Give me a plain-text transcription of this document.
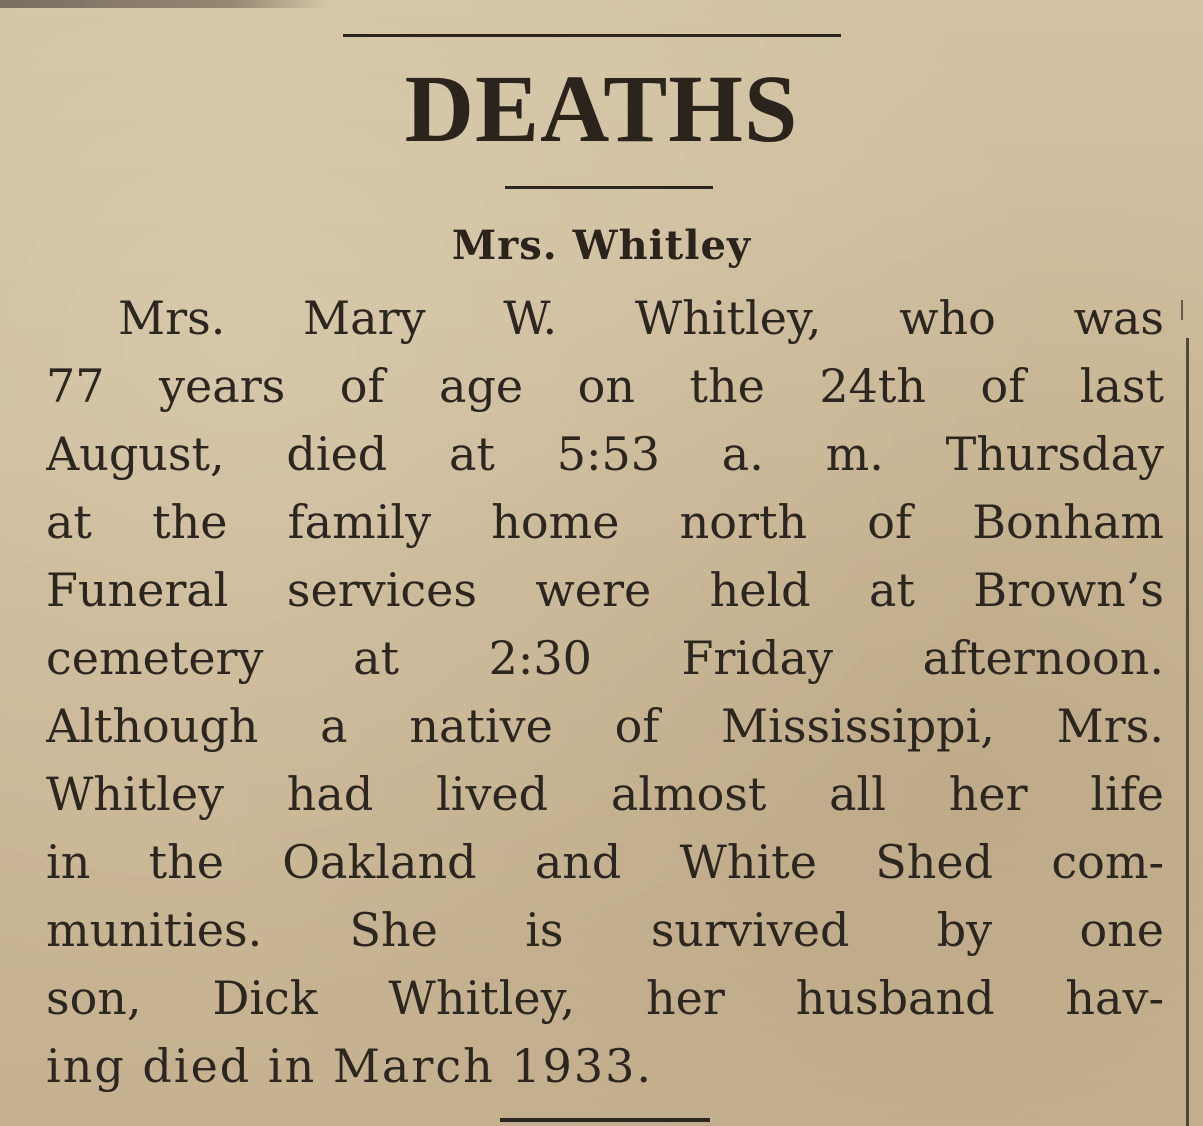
DEATHS
Mrs. Whitley
Mrs. Mary W. Whitley, who was
77 years of age on the 24th of last
August, died at 5:53 a. m. Thursday
at the family home north of Bonham
Funeral services were held at Brown’s
cemetery at 2:30 Friday afternoon.
Although a native of Mississippi, Mrs.
Whitley had lived almost all her life
in the Oakland and White Shed com-
munities. She is survived by one
son, Dick Whitley, her husband hav-
ing died in March 1933.
